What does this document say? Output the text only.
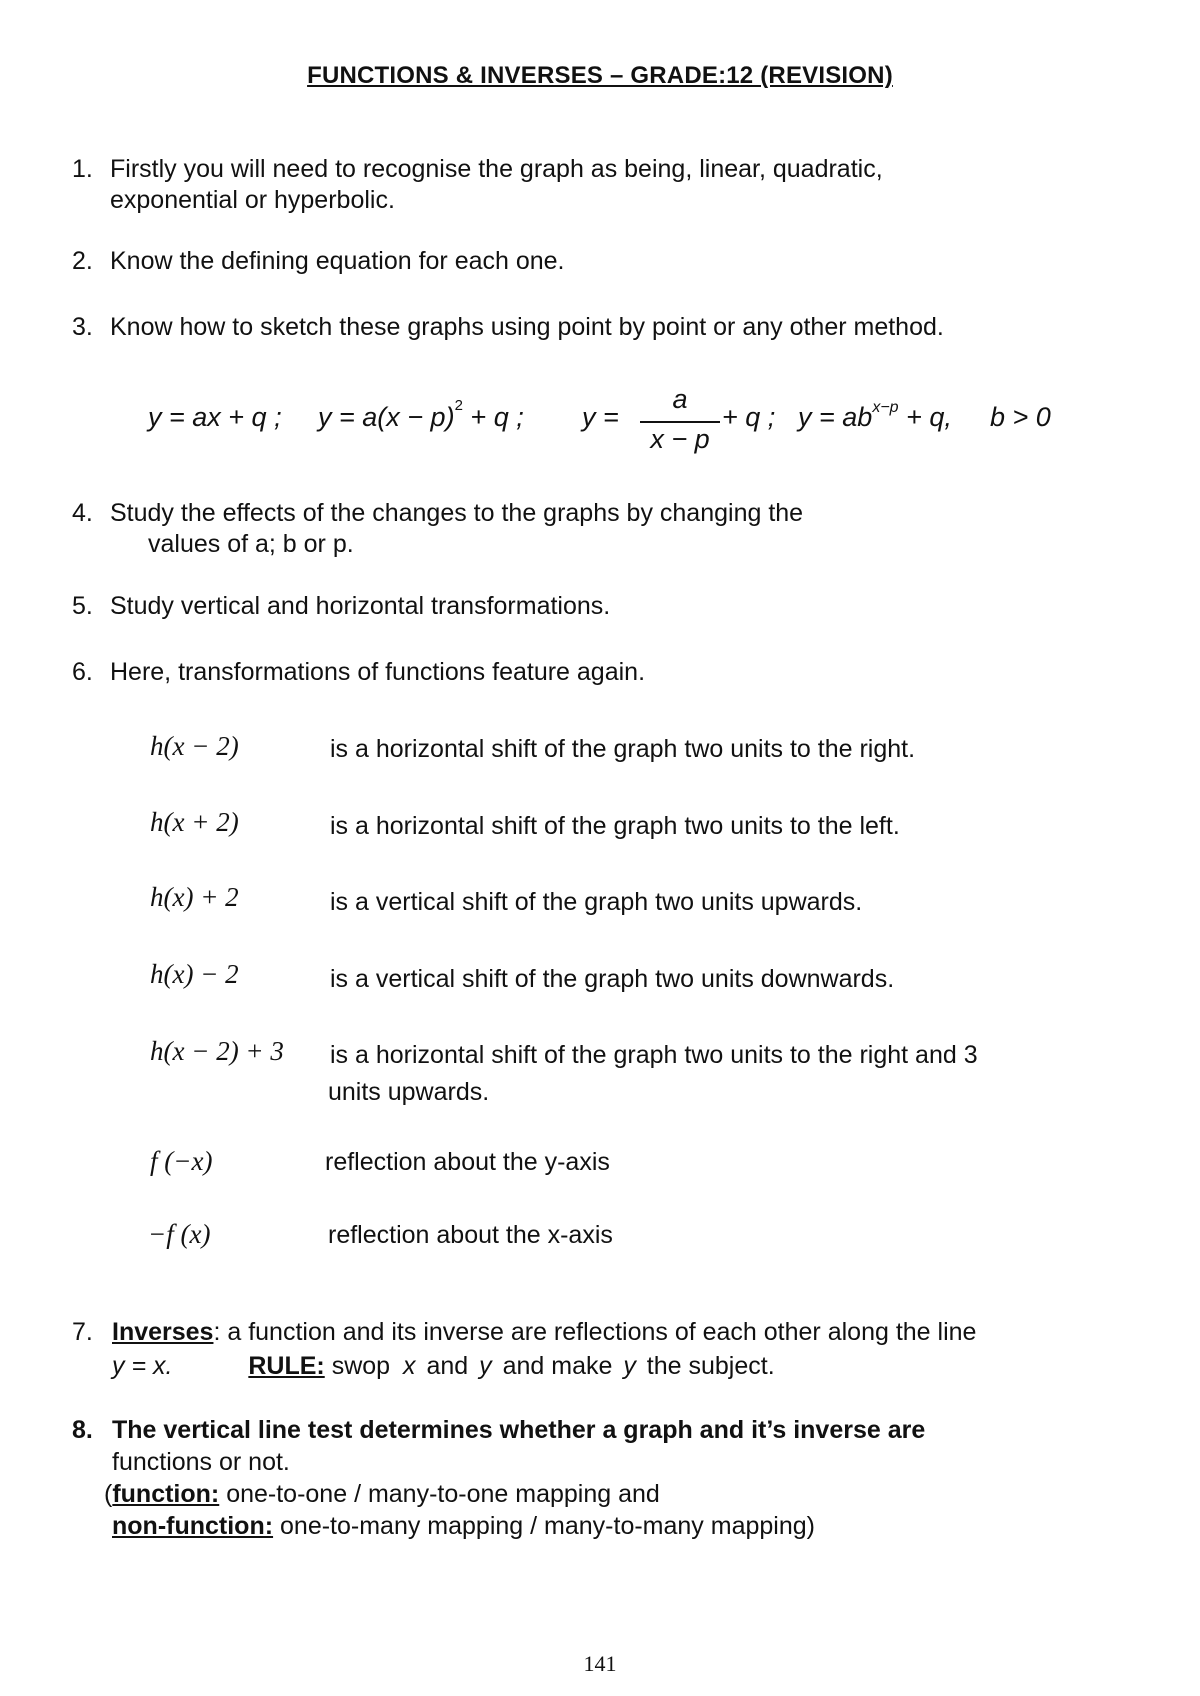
FUNCTIONS & INVERSES – GRADE:12 (REVISION)
1. Firstly you will need to recognise the graph as being, linear, quadratic,
exponential or hyperbolic.
2. Know the defining equation for each one.
3. Know how to sketch these graphs using point by point or any other method.
y = ax + q ; $y = a(x - p)^2 + q$ ; y =
a
x − p
+ q ; $y = ab^{x-p} + q$, b > 0
4. Study the effects of the changes to the graphs by changing the
values of a; b or p.
5. Study vertical and horizontal transformations.
6. Here, transformations of functions feature again.
h(x − 2)	is a horizontal shift of the graph two units to the right.
h(x + 2)	is a horizontal shift of the graph two units to the left.
h(x) + 2	is a vertical shift of the graph two units upwards.
h(x) − 2	is a vertical shift of the graph two units downwards.
h(x − 2) + 3 is a horizontal shift of the graph two units to the right and 3
units upwards.
f (−x)	reflection about the y-axis
−f (x)	reflection about the x-axis
7. Inverses: a function and its inverse are reflections of each other along the line
y = x.	RULE: swop x and y and make y the subject.
8. The vertical line test determines whether a graph and it’s inverse are
functions or not.
(function: one-to-one / many-to-one mapping and
non-function: one-to-many mapping / many-to-many mapping)
141
